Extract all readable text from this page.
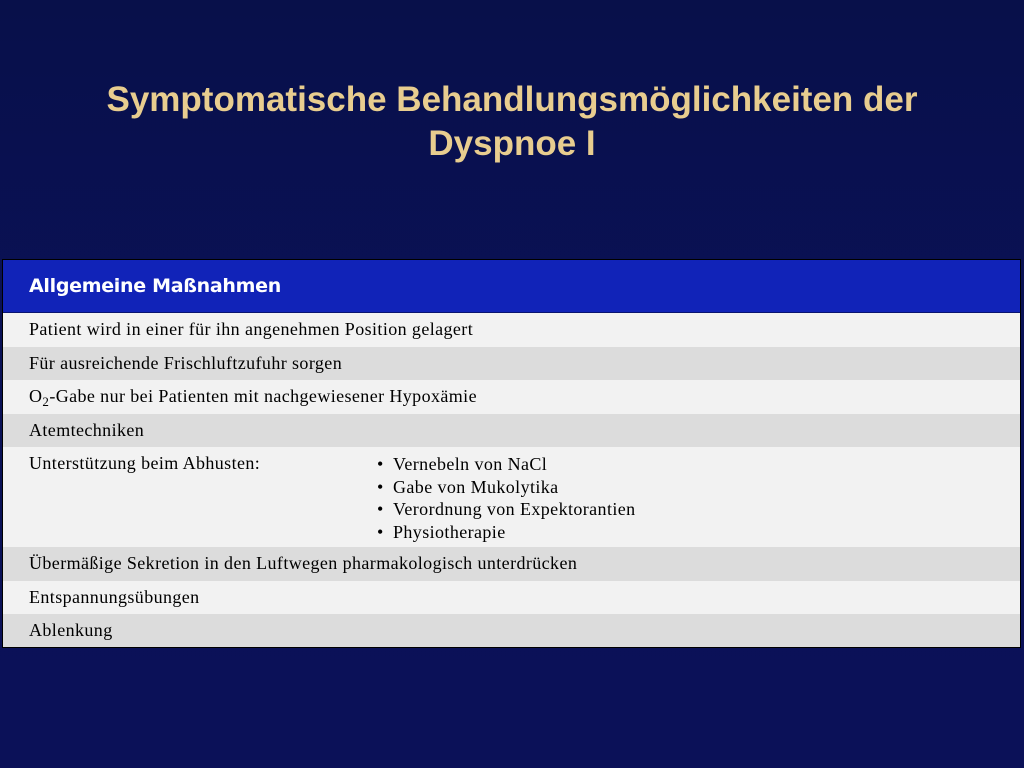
Symptomatische Behandlungsmöglichkeiten der
Dyspnoe I
Allgemeine Maßnahmen
Patient wird in einer für ihn angenehmen Position gelagert
Für ausreichende Frischluftzufuhr sorgen
$O_2$-Gabe nur bei Patienten mit nachgewiesener Hypoxämie
Atemtechniken
Unterstützung beim Abhusten:	• Vernebeln von NaCl
• Gabe von Mukolytika
• Verordnung von Expektorantien
• Physiotherapie
Übermäßige Sekretion in den Luftwegen pharmakologisch unterdrücken
Entspannungsübungen
Ablenkung
